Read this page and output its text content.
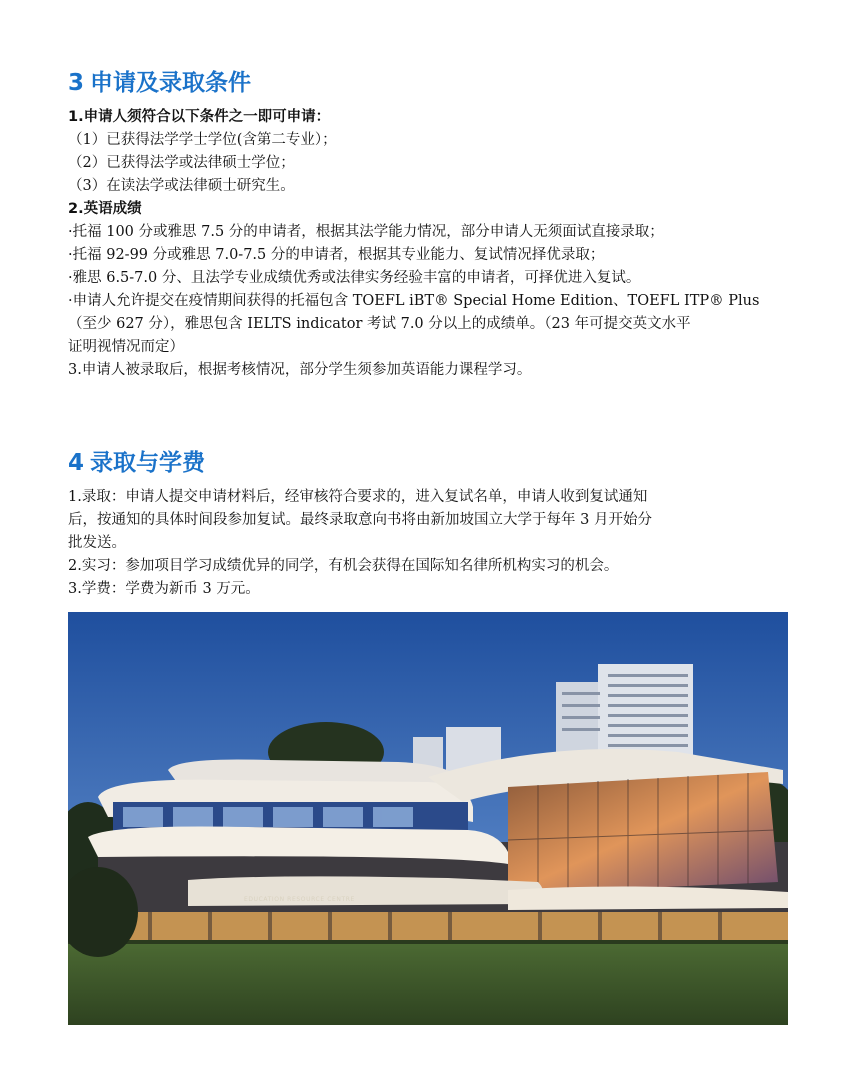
3 申请及录取条件
1.申请人须符合以下条件之一即可申请：
（1）已获得法学学士学位(含第二专业）；
（2）已获得法学或法律硕士学位；
（3）在读法学或法律硕士研究生。
2.英语成绩
·托福 100 分或雅思 7.5 分的申请者，根据其法学能力情况，部分申请人无须面试直接录取；
·托福 92-99 分或雅思 7.0-7.5 分的申请者，根据其专业能力、复试情况择优录取；
·雅思 6.5-7.0 分、且法学专业成绩优秀或法律实务经验丰富的申请者，可择优进入复试。
·申请人允许提交在疫情期间获得的托福包含 TOEFL iBT® Special Home Edition、TOEFL ITP® Plus
（至少 627 分），雅思包含 IELTS indicator 考试 7.0 分以上的成绩单。（23 年可提交英文水平
证明视情况而定）
3.申请人被录取后，根据考核情况，部分学生须参加英语能力课程学习。
4 录取与学费
1.录取：申请人提交申请材料后，经审核符合要求的，进入复试名单，申请人收到复试通知
后，按通知的具体时间段参加复试。最终录取意向书将由新加坡国立大学于每年 3 月开始分
批发送。
2.实习：参加项目学习成绩优异的同学，有机会获得在国际知名律所机构实习的机会。
3.学费：学费为新币 3 万元。
EDUCATION RESOURCE CENTRE
